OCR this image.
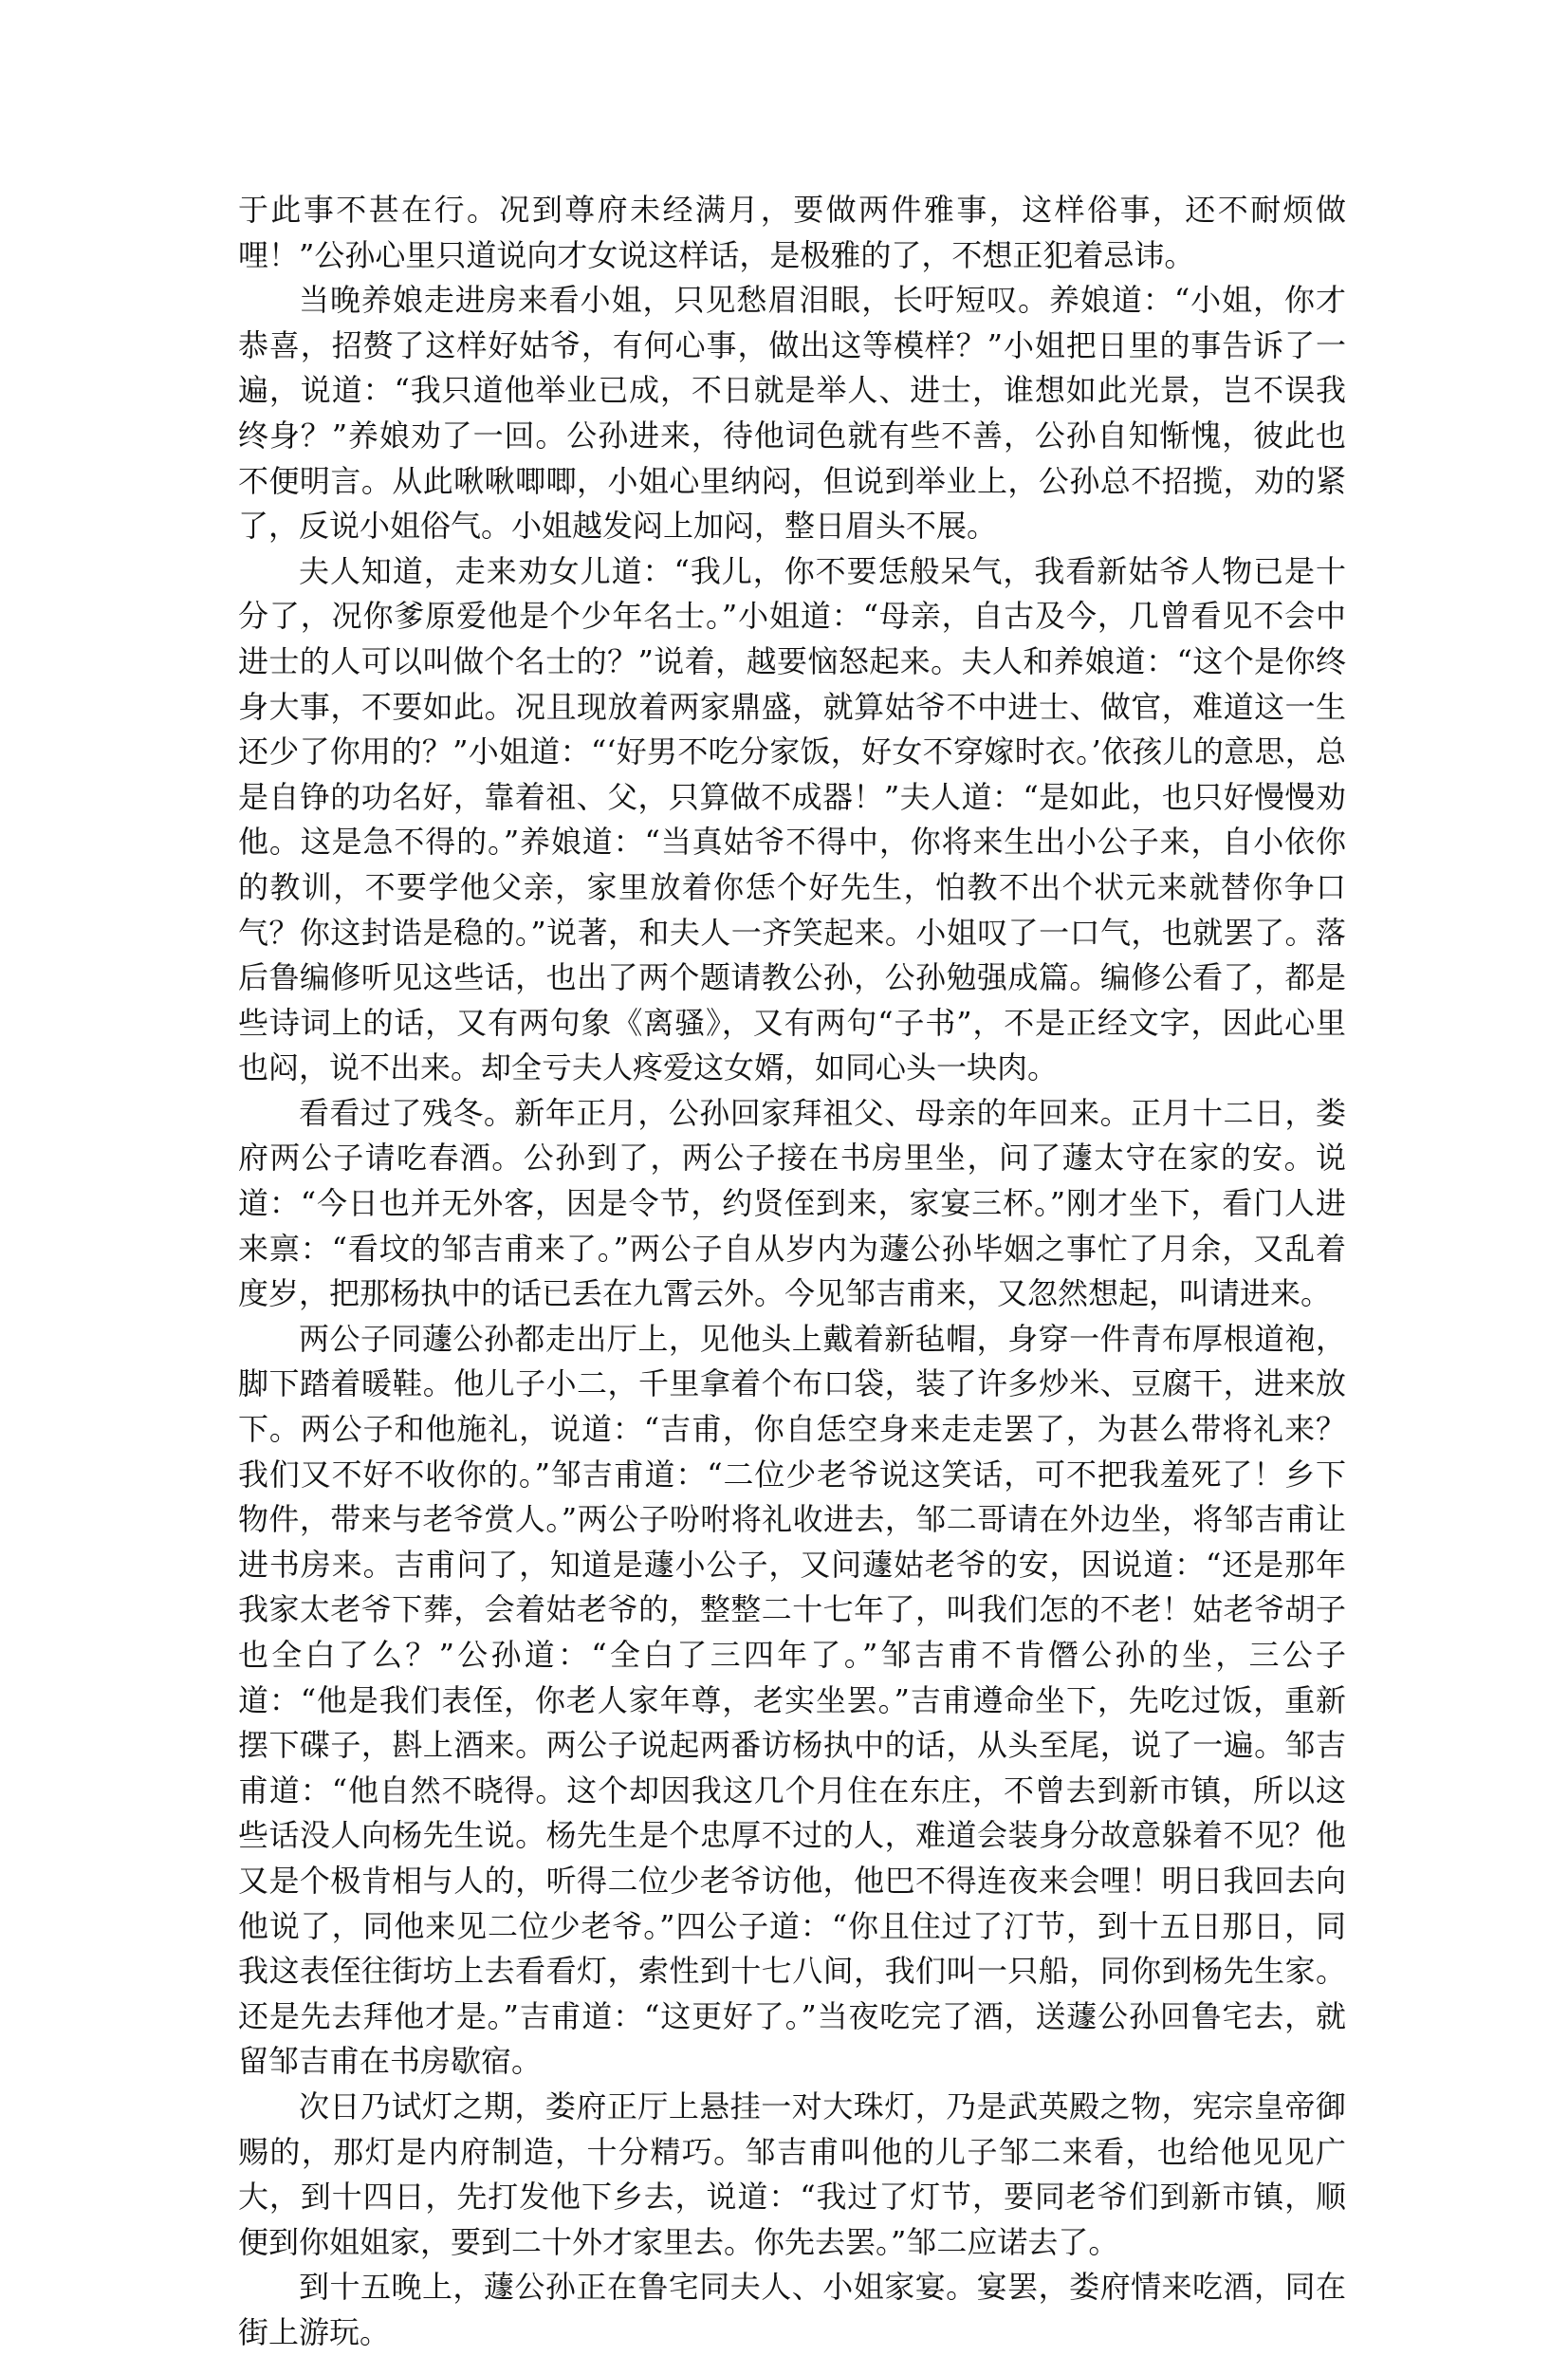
于此事不甚在行。况到尊府未经满月，要做两件雅事，这样俗事，还不耐烦做哩！”公孙心里只道说向才女说这样话，是极雅的了，不想正犯着忌讳。

当晚养娘走进房来看小姐，只见愁眉泪眼，长吁短叹。养娘道：“小姐，你才恭喜，招赘了这样好姑爷，有何心事，做出这等模样？”小姐把日里的事告诉了一遍，说道：“我只道他举业已成，不日就是举人、进士，谁想如此光景，岂不误我终身？”养娘劝了一回。公孙进来，待他词色就有些不善，公孙自知惭愧，彼此也不便明言。从此啾啾唧唧，小姐心里纳闷，但说到举业上，公孙总不招揽，劝的紧了，反说小姐俗气。小姐越发闷上加闷，整日眉头不展。

夫人知道，走来劝女儿道：“我儿，你不要恁般呆气，我看新姑爷人物已是十分了，况你爹原爱他是个少年名士。”小姐道：“母亲，自古及今，几曾看见不会中进士的人可以叫做个名士的？”说着，越要恼怒起来。夫人和养娘道：“这个是你终身大事，不要如此。况且现放着两家鼎盛，就算姑爷不中进士、做官，难道这一生还少了你用的？”小姐道：“‘好男不吃分家饭，好女不穿嫁时衣。’依孩儿的意思，总是自铮的功名好，靠着祖、父，只算做不成器！”夫人道：“是如此，也只好慢慢劝他。这是急不得的。”养娘道：“当真姑爷不得中，你将来生出小公子来，自小依你的教训，不要学他父亲，家里放着你恁个好先生，怕教不出个状元来就替你争口气？你这封诰是稳的。”说著，和夫人一齐笑起来。小姐叹了一口气，也就罢了。落后鲁编修听见这些话，也出了两个题请教公孙，公孙勉强成篇。编修公看了，都是些诗词上的话，又有两句象《离骚》，又有两句“子书”，不是正经文字，因此心里也闷，说不出来。却全亏夫人疼爱这女婿，如同心头一块肉。

看看过了残冬。新年正月，公孙回家拜祖父、母亲的年回来。正月十二日，娄府两公子请吃春酒。公孙到了，两公子接在书房里坐，问了蘧太守在家的安。说道：“今日也并无外客，因是令节，约贤侄到来，家宴三杯。”刚才坐下，看门人进来禀：“看坟的邹吉甫来了。”两公子自从岁内为蘧公孙毕姻之事忙了月余，又乱着度岁，把那杨执中的话已丢在九霄云外。今见邹吉甫来，又忽然想起，叫请进来。

两公子同蘧公孙都走出厅上，见他头上戴着新毡帽，身穿一件青布厚根道袍，脚下踏着暖鞋。他儿子小二，千里拿着个布口袋，装了许多炒米、豆腐干，进来放下。两公子和他施礼，说道：“吉甫，你自恁空身来走走罢了，为甚么带将礼来？我们又不好不收你的。”邹吉甫道：“二位少老爷说这笑话，可不把我羞死了！乡下物件，带来与老爷赏人。”两公子吩咐将礼收进去，邹二哥请在外边坐，将邹吉甫让进书房来。吉甫问了，知道是蘧小公子，又问蘧姑老爷的安，因说道：“还是那年我家太老爷下葬，会着姑老爷的，整整二十七年了，叫我们怎的不老！姑老爷胡子也全白了么？”公孙道：“全白了三四年了。”邹吉甫不肯僭公孙的坐，三公子道：“他是我们表侄，你老人家年尊，老实坐罢。”吉甫遵命坐下，先吃过饭，重新摆下碟子，斟上酒来。两公子说起两番访杨执中的话，从头至尾，说了一遍。邹吉甫道：“他自然不晓得。这个却因我这几个月住在东庄，不曾去到新市镇，所以这些话没人向杨先生说。杨先生是个忠厚不过的人，难道会装身分故意躲着不见？他又是个极肯相与人的，听得二位少老爷访他，他巴不得连夜来会哩！明日我回去向他说了，同他来见二位少老爷。”四公子道：“你且住过了汀节，到十五日那日，同我这表侄往街坊上去看看灯，索性到十七八间，我们叫一只船，同你到杨先生家。还是先去拜他才是。”吉甫道：“这更好了。”当夜吃完了酒，送蘧公孙回鲁宅去，就留邹吉甫在书房歇宿。

次日乃试灯之期，娄府正厅上悬挂一对大珠灯，乃是武英殿之物，宪宗皇帝御赐的，那灯是内府制造，十分精巧。邹吉甫叫他的儿子邹二来看，也给他见见广大，到十四日，先打发他下乡去，说道：“我过了灯节，要同老爷们到新市镇，顺便到你姐姐家，要到二十外才家里去。你先去罢。”邹二应诺去了。

到十五晚上，蘧公孙正在鲁宅同夫人、小姐家宴。宴罢，娄府情来吃酒，同在街上游玩。
